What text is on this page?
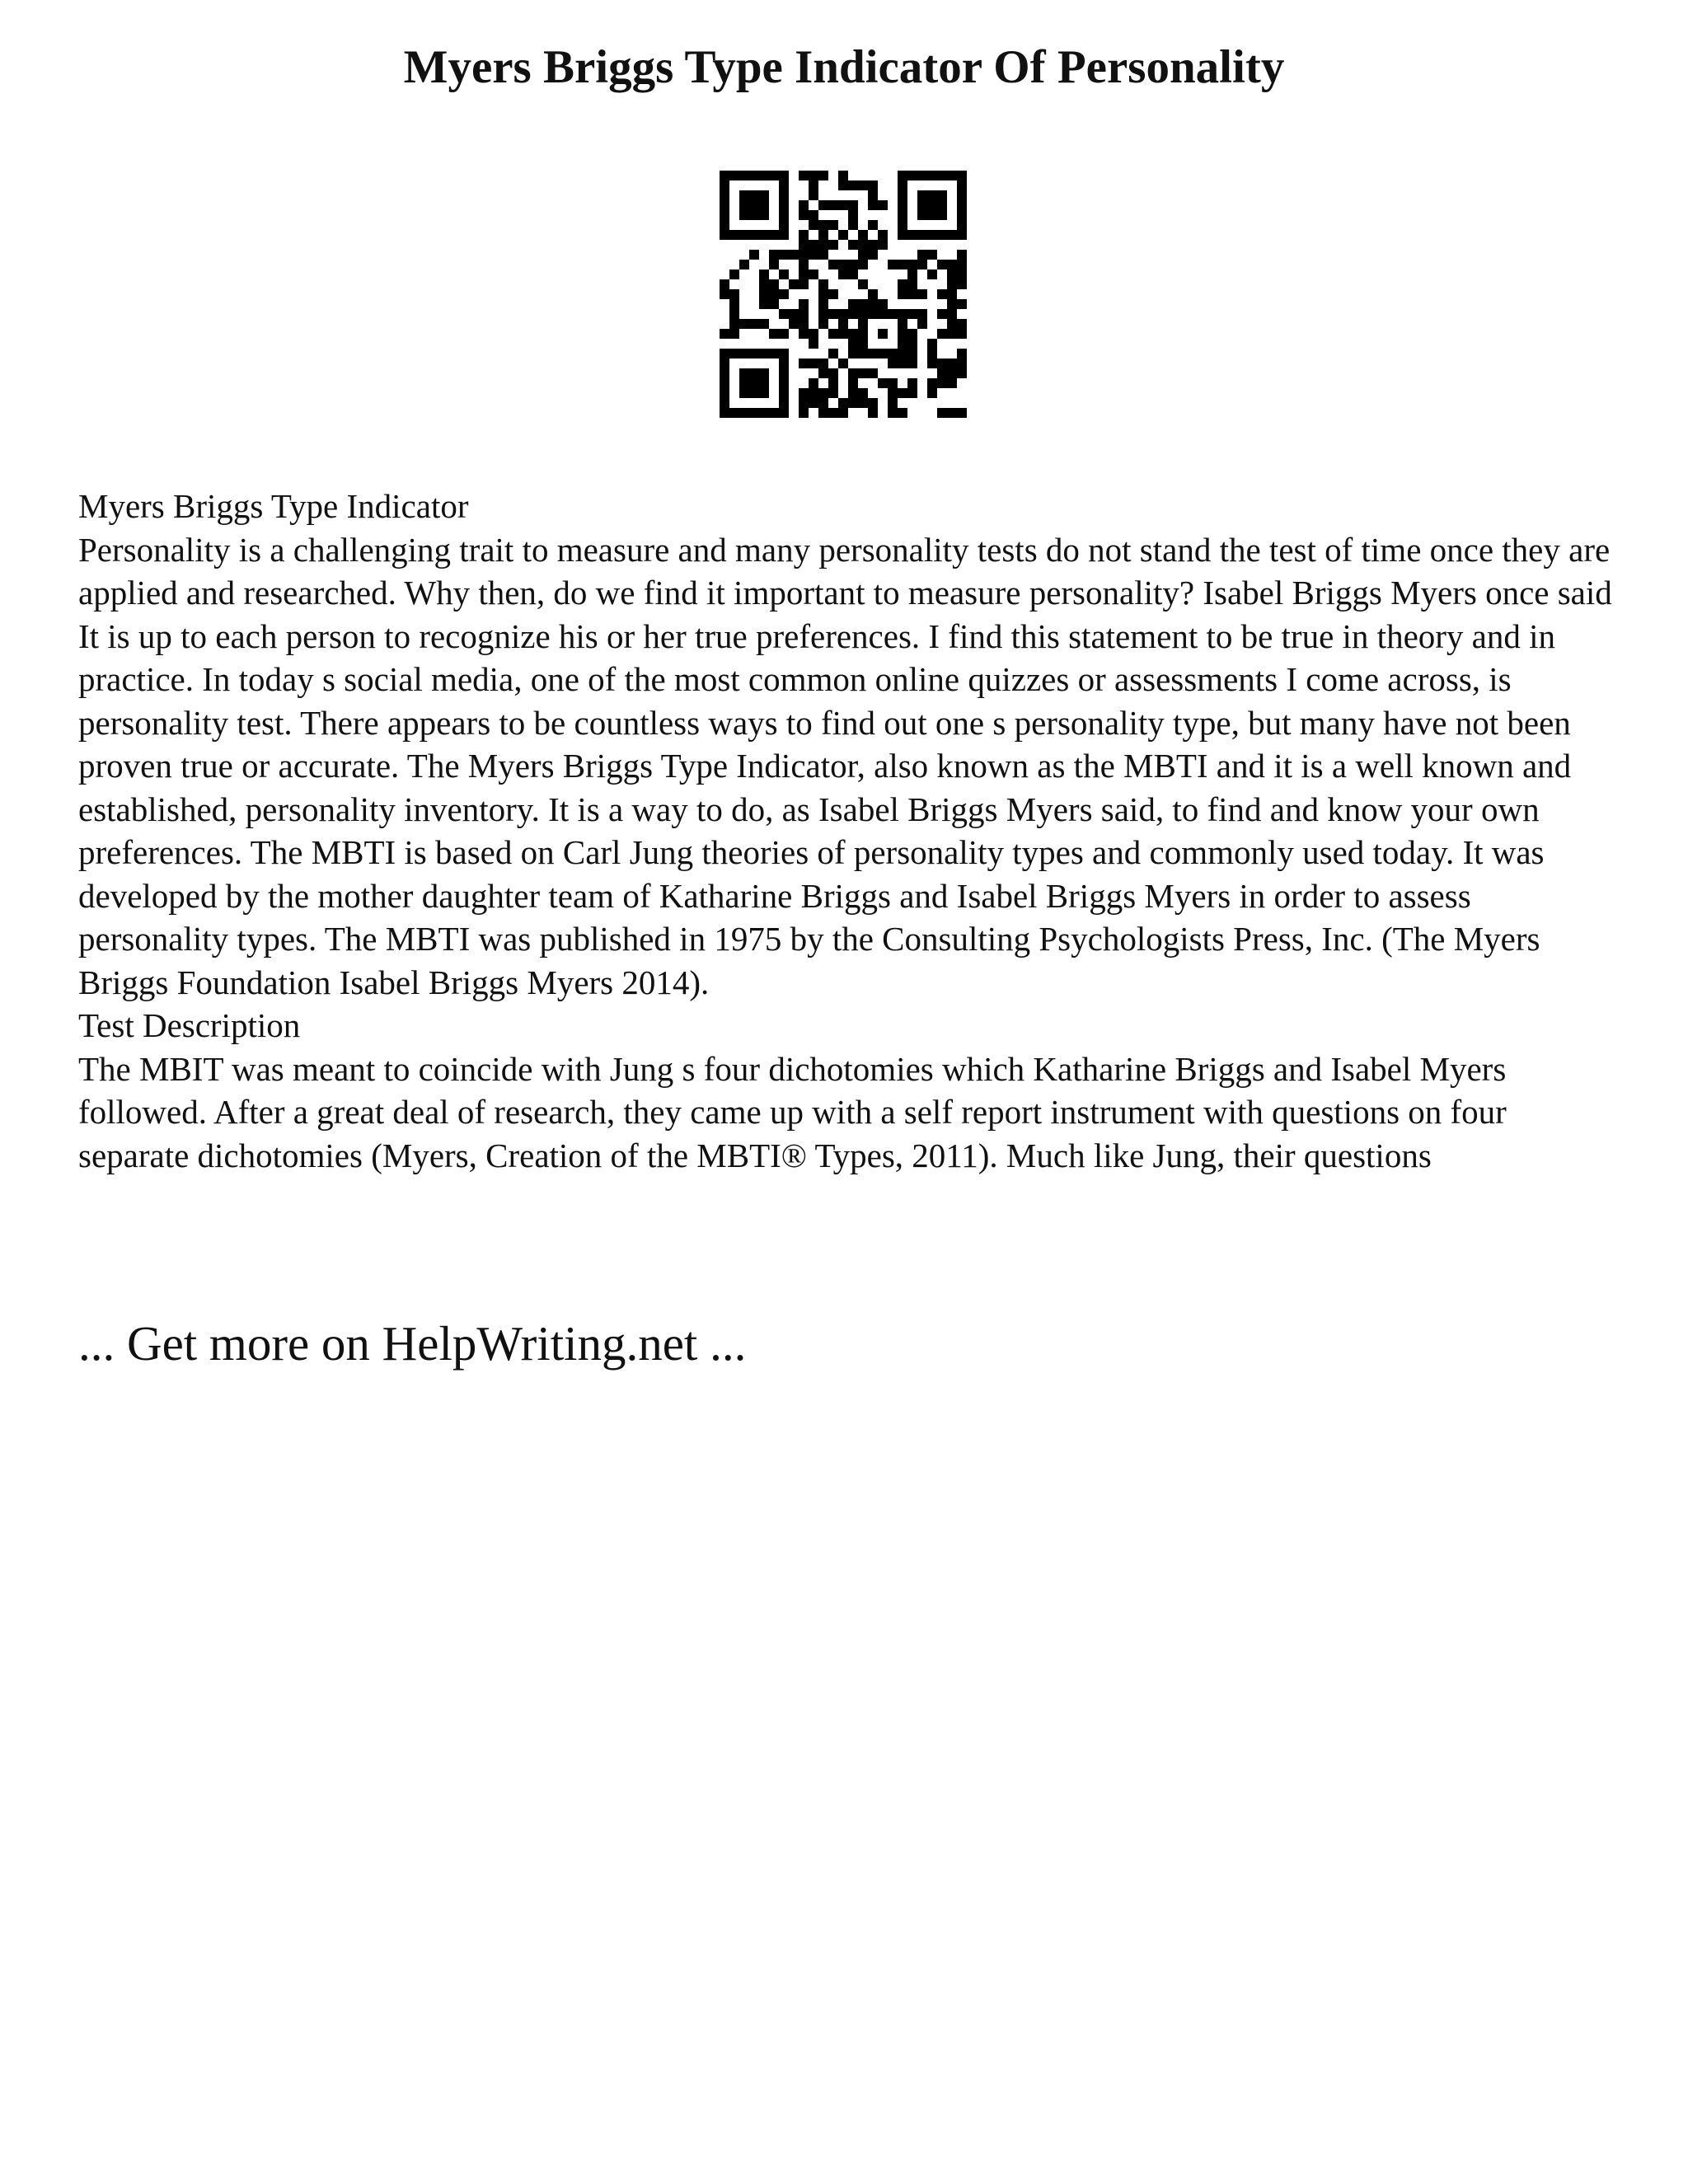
Myers Briggs Type Indicator Of Personality

Myers Briggs Type Indicator

Personality is a challenging trait to measure and many personality tests do not stand the test of time once they are applied and researched. Why then, do we find it important to measure personality? Isabel Briggs Myers once said It is up to each person to recognize his or her true preferences. I find this statement to be true in theory and in practice. In today s social media, one of the most common online quizzes or assessments I come across, is personality test. There appears to be countless ways to find out one s personality type, but many have not been proven true or accurate. The Myers Briggs Type Indicator, also known as the MBTI and it is a well known and established, personality inventory. It is a way to do, as Isabel Briggs Myers said, to find and know your own preferences. The MBTI is based on Carl Jung theories of personality types and commonly used today. It was developed by the mother daughter team of Katharine Briggs and Isabel Briggs Myers in order to assess personality types. The MBTI was published in 1975 by the Consulting Psychologists Press, Inc. (The Myers Briggs Foundation Isabel Briggs Myers 2014).

Test Description

The MBIT was meant to coincide with Jung s four dichotomies which Katharine Briggs and Isabel Myers followed. After a great deal of research, they came up with a self report instrument with questions on four separate dichotomies (Myers, Creation of the MBTI® Types, 2011). Much like Jung, their questions

... Get more on HelpWriting.net ...
